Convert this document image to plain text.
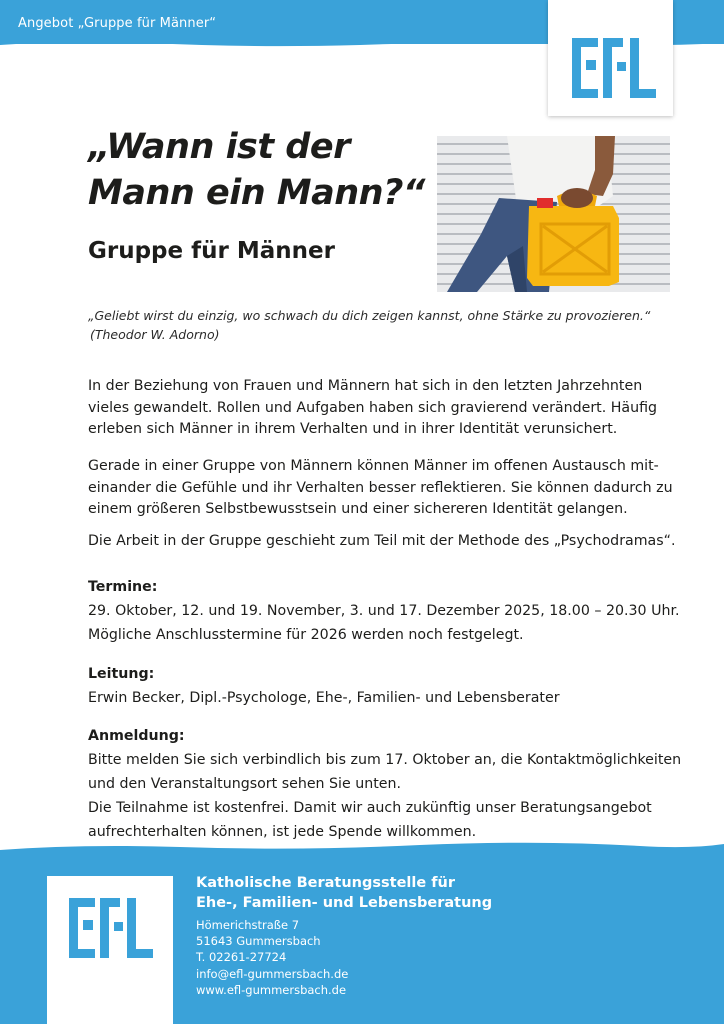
Angebot „Gruppe für Männer“
„Wann ist der
Mann ein Mann?“
Gruppe für Männer
„Geliebt wirst du einzig, wo schwach du dich zeigen kannst, ohne Stärke zu provozieren.“
(Theodor W. Adorno)
In der Beziehung von Frauen und Männern hat sich in den letzten Jahrzehnten
vieles gewandelt. Rollen und Aufgaben haben sich gravierend verändert. Häufig
erleben sich Männer in ihrem Verhalten und in ihrer Identität verunsichert.
Gerade in einer Gruppe von Männern können Männer im offenen Austausch mit-
einander die Gefühle und ihr Verhalten besser reflektieren. Sie können dadurch zu
einem größeren Selbstbewusstsein und einer sichereren Identität gelangen.
Die Arbeit in der Gruppe geschieht zum Teil mit der Methode des „Psychodramas“.
Termine:
29. Oktober, 12. und 19. November, 3. und 17. Dezember 2025, 18.00 – 20.30 Uhr.
Mögliche Anschlusstermine für 2026 werden noch festgelegt.
Leitung:
Erwin Becker, Dipl.-Psychologe, Ehe-, Familien- und Lebensberater
Anmeldung:
Bitte melden Sie sich verbindlich bis zum 17. Oktober an, die Kontaktmöglichkeiten
und den Veranstaltungsort sehen Sie unten.
Die Teilnahme ist kostenfrei. Damit wir auch zukünftig unser Beratungsangebot
aufrechterhalten können, ist jede Spende willkommen.
Katholische Beratungsstelle für
Ehe-, Familien- und Lebensberatung
Hömerichstraße 7
51643 Gummersbach
T. 02261-27724
info@efl-gummersbach.de
www.efl-gummersbach.de
